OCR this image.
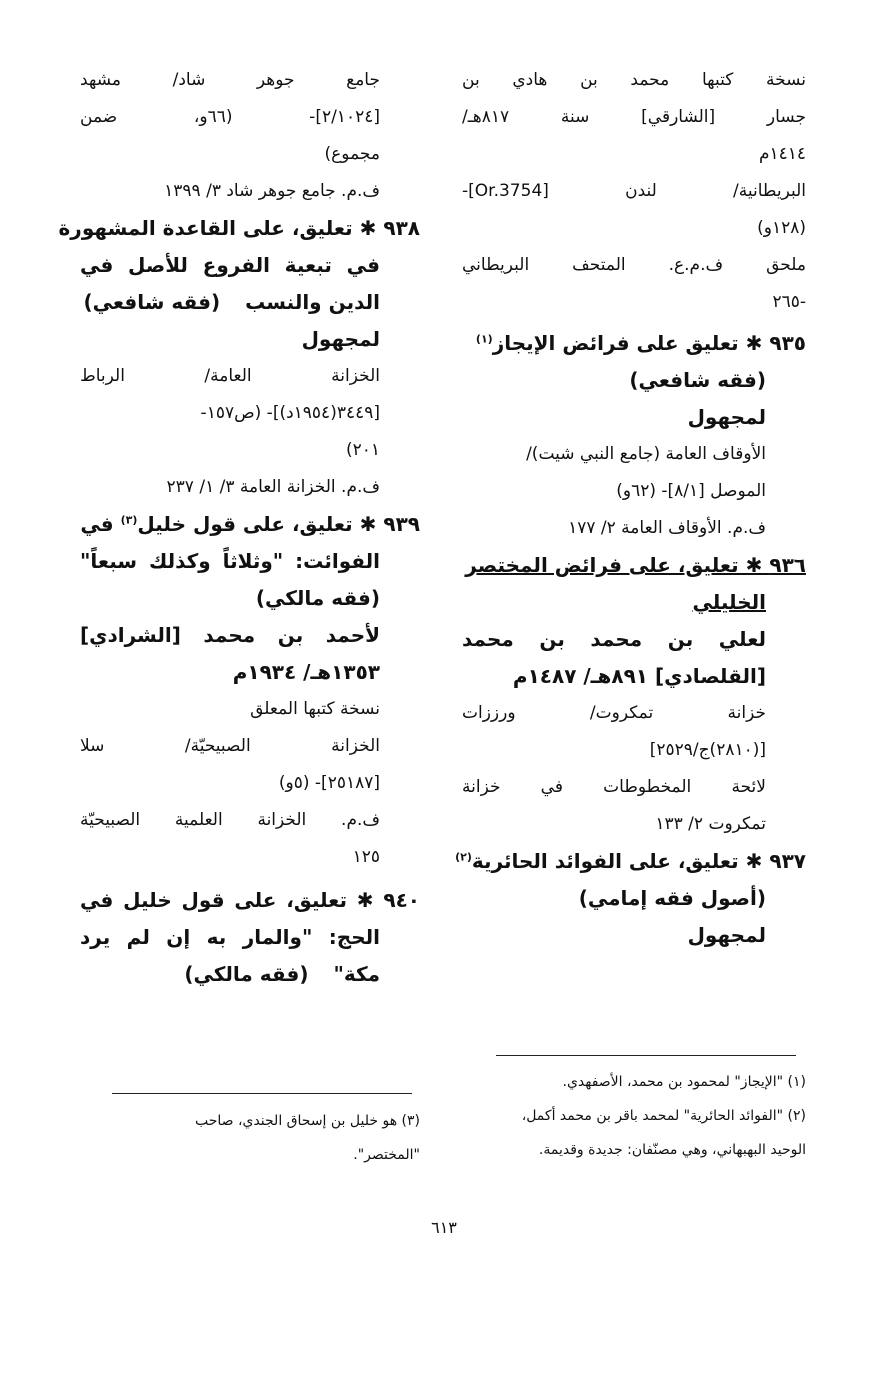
نسخة كتبها محمد بن هادي بن
جسار [الشارقي] سنة ٨١٧هـ/
١٤١٤م
البريطانية/ لندن [Or.3754]-
(١٢٨و)
ملحق ف.م.ع. المتحف البريطاني
-٢٦٥
٩٣٥ ✱ تعليق على فرائض الإيجاز$^{(١)}$
(فقه شافعي)
لمجهول
الأوقاف العامة (جامع النبي شيت)/
الموصل [٨/١]- (٦٢و)
ف.م. الأوقاف العامة ٢/ ١٧٧
٩٣٦ ✱ تعليق، على فرائض المختصر
الخليلي
لعلي بن محمد بن محمد
[القلصادي] ٨٩١هـ/ ١٤٨٧م
خزانة تمكروت/ ورززات
[(٢٨١٠)ج/٢٥٢٩]
لائحة المخطوطات في خزانة
تمكروت ٢/ ١٣٣
٩٣٧ ✱ تعليق، على الفوائد الحائرية$^{(٢)}$
(أصول فقه إمامي)
لمجهول
جامع جوهر شاد/ مشهد
[٢/١٠٢٤]- (٦٦و، ضمن
مجموع)
ف.م. جامع جوهر شاد ٣/ ١٣٩٩
٩٣٨ ✱ تعليق، على القاعدة المشهورة
في تبعية الفروع للأصل في
الدين والنسب (فقه شافعي)
لمجهول
الخزانة العامة/ الرباط
[٣٤٤٩(١٩٥٤د)]- (ص١٥٧-
٢٠١)
ف.م. الخزانة العامة ٣/ ١/ ٢٣٧
٩٣٩ ✱ تعليق، على قول خليل$^{(٣)}$ في
الفوائت: "وثلاثاً وكذلك سبعاً"
(فقه مالكي)
لأحمد بن محمد [الشرادي]
١٣٥٣هـ/ ١٩٣٤م
نسخة كتبها المعلق
الخزانة الصبيحيّة/ سلا
[٢٥١٨٧]- (٥و)
ف.م. الخزانة العلمية الصبيحيّة
١٢٥
٩٤٠ ✱ تعليق، على قول خليل في
الحج: "والمار به إن لم يرد
مكة" (فقه مالكي)
(١) "الإيجاز" لمحمود بن محمد، الأصفهدي.
(٢) "الفوائد الحائرية" لمحمد باقر بن محمد أكمل،
الوحيد البهبهاني، وهي مصنّفان: جديدة وقديمة.
(٣) هو خليل بن إسحاق الجندي، صاحب
"المختصر".
٦١٣
